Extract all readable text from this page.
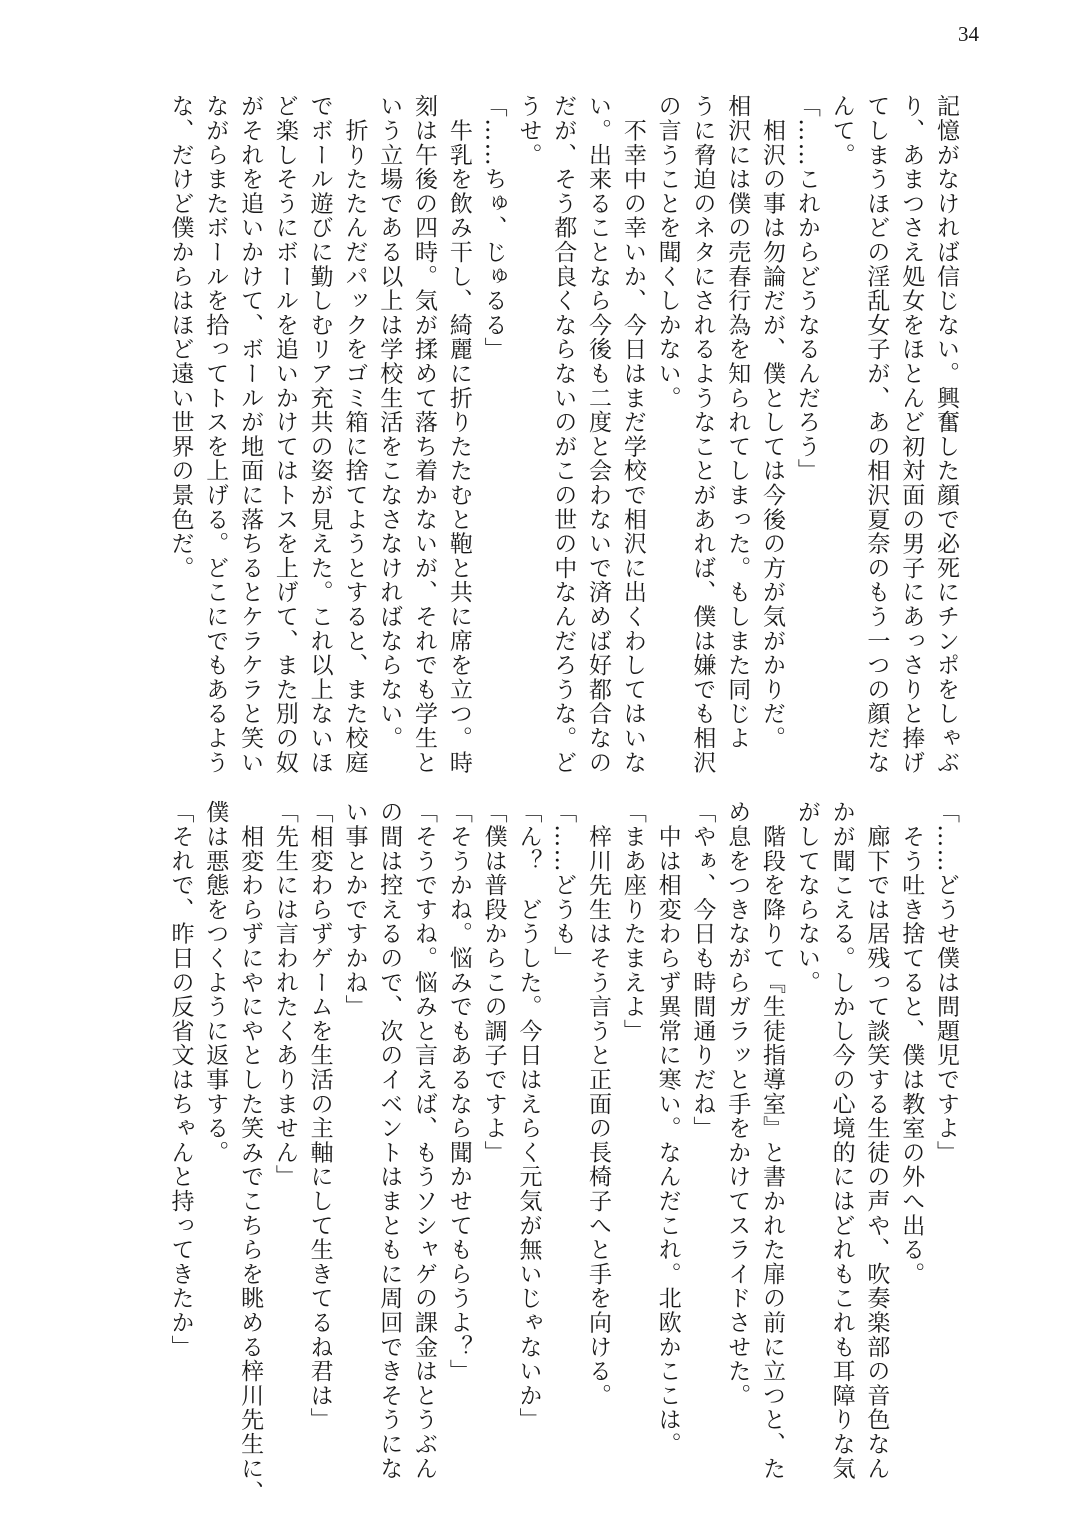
34
記憶がなければ信じない。興奮した顔で必死にチンポをしゃぶ
り、あまつさえ処女をほとんど初対面の男子にあっさりと捧げ
てしまうほどの淫乱女子が、あの相沢夏奈のもう一つの顔だな
んて。
「……これからどうなるんだろう」
　相沢の事は勿論だが、僕としては今後の方が気がかりだ。
相沢には僕の売春行為を知られてしまった。もしまた同じよ
うに脅迫のネタにされるようなことがあれば、僕は嫌でも相沢
の言うことを聞くしかない。
　不幸中の幸いか、今日はまだ学校で相沢に出くわしてはいな
い。出来ることなら今後も二度と会わないで済めば好都合なの
だが、そう都合良くならないのがこの世の中なんだろうな。ど
うせ。
「……ちゅ、じゅるる」
　牛乳を飲み干し、綺麗に折りたたむと鞄と共に席を立つ。時
刻は午後の四時。気が揉めて落ち着かないが、それでも学生と
いう立場である以上は学校生活をこなさなければならない。
　折りたたんだパックをゴミ箱に捨てようとすると、また校庭
でボール遊びに勤しむリア充共の姿が見えた。これ以上ないほ
ど楽しそうにボールを追いかけてはトスを上げて、また別の奴
がそれを追いかけて、ボールが地面に落ちるとケラケラと笑い
ながらまたボールを拾ってトスを上げる。どこにでもあるよう
な、だけど僕からはほど遠い世界の景色だ。
「……どうせ僕は問題児ですよ」
　そう吐き捨てると、僕は教室の外へ出る。
　廊下では居残って談笑する生徒の声や、吹奏楽部の音色なん
かが聞こえる。しかし今の心境的にはどれもこれも耳障りな気
がしてならない。
　階段を降りて『生徒指導室』と書かれた扉の前に立つと、た
め息をつきながらガラッと手をかけてスライドさせた。
「やぁ、今日も時間通りだね」
　中は相変わらず異常に寒い。なんだこれ。北欧かここは。
「まあ座りたまえよ」
　梓川先生はそう言うと正面の長椅子へと手を向ける。
「……どうも」
「ん？　どうした。今日はえらく元気が無いじゃないか」
「僕は普段からこの調子ですよ」
「そうかね。悩みでもあるなら聞かせてもらうよ？」
「そうですね。悩みと言えば、もうソシャゲの課金はとうぶん
の間は控えるので、次のイベントはまともに周回できそうにな
い事とかですかね」
「相変わらずゲームを生活の主軸にして生きてるね君は」
「先生には言われたくありません」
　相変わらずにやにやとした笑みでこちらを眺める梓川先生に、
僕は悪態をつくように返事する。
「それで、昨日の反省文はちゃんと持ってきたか」
